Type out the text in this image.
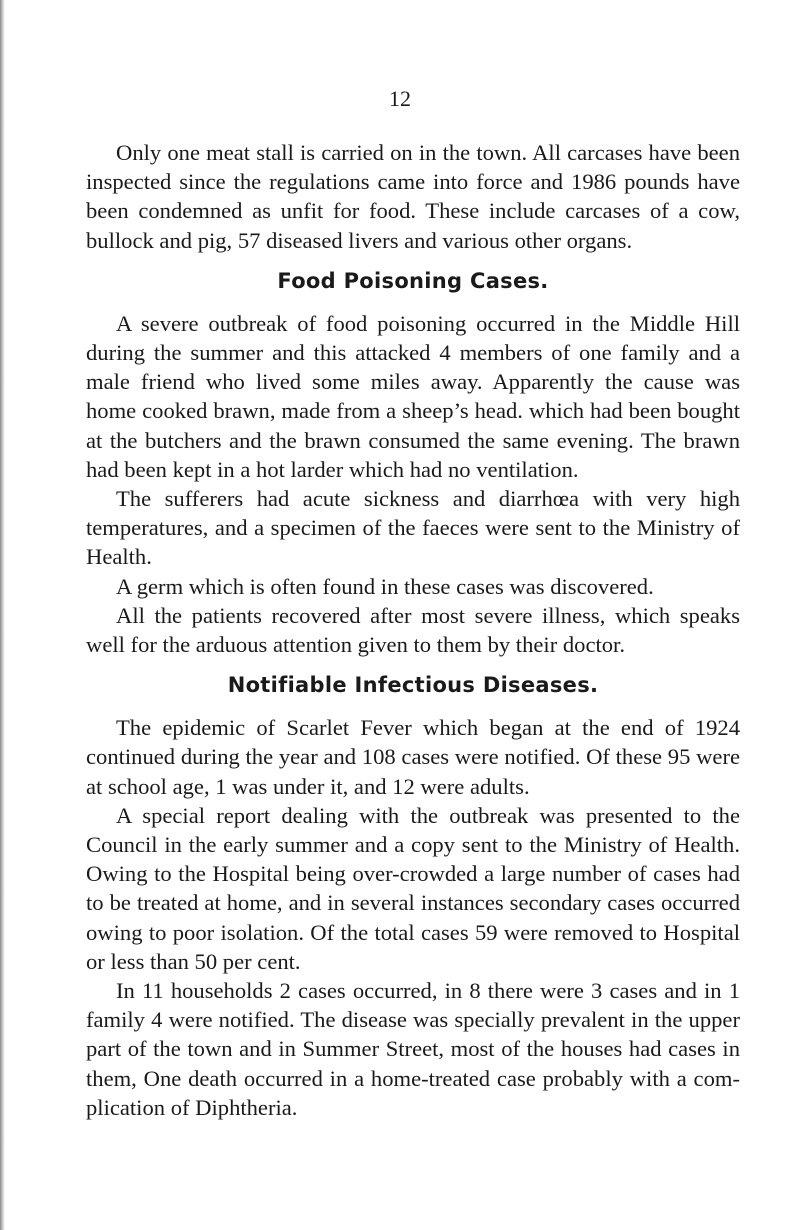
12

Only one meat stall is carried on in the town. All carcases have been inspected since the regulations came into force and 1986 pounds have been condemned as unfit for food. These include carcases of a cow, bullock and pig, 57 diseased livers and various other organs.

Food Poisoning Cases.

A severe outbreak of food poisoning occurred in the Middle Hill during the summer and this attacked 4 members of one family and a male friend who lived some miles away. Apparently the cause was home cooked brawn, made from a sheep’s head. which had been bought at the butchers and the brawn consumed the same evening. The brawn had been kept in a hot larder which had no ventilation.

The sufferers had acute sickness and diarrhœa with very high temperatures, and a specimen of the faeces were sent to the Ministry of Health.

A germ which is often found in these cases was discovered.

All the patients recovered after most severe illness, which speaks well for the arduous attention given to them by their doctor.

Notifiable Infectious Diseases.

The epidemic of Scarlet Fever which began at the end of 1924 continued during the year and 108 cases were notified. Of these 95 were at school age, 1 was under it, and 12 were adults.

A special report dealing with the outbreak was presented to the Council in the early summer and a copy sent to the Ministry of Health. Owing to the Hospital being over-crowded a large number of cases had to be treated at home, and in several instances secondary cases occurred owing to poor isolation. Of the total cases 59 were removed to Hospital or less than 50 per cent.

In 11 households 2 cases occurred, in 8 there were 3 cases and in 1 family 4 were notified. The disease was specially prevalent in the upper part of the town and in Summer Street, most of the houses had cases in them, One death occurred in a home-treated case probably with a com-plication of Diphtheria.
